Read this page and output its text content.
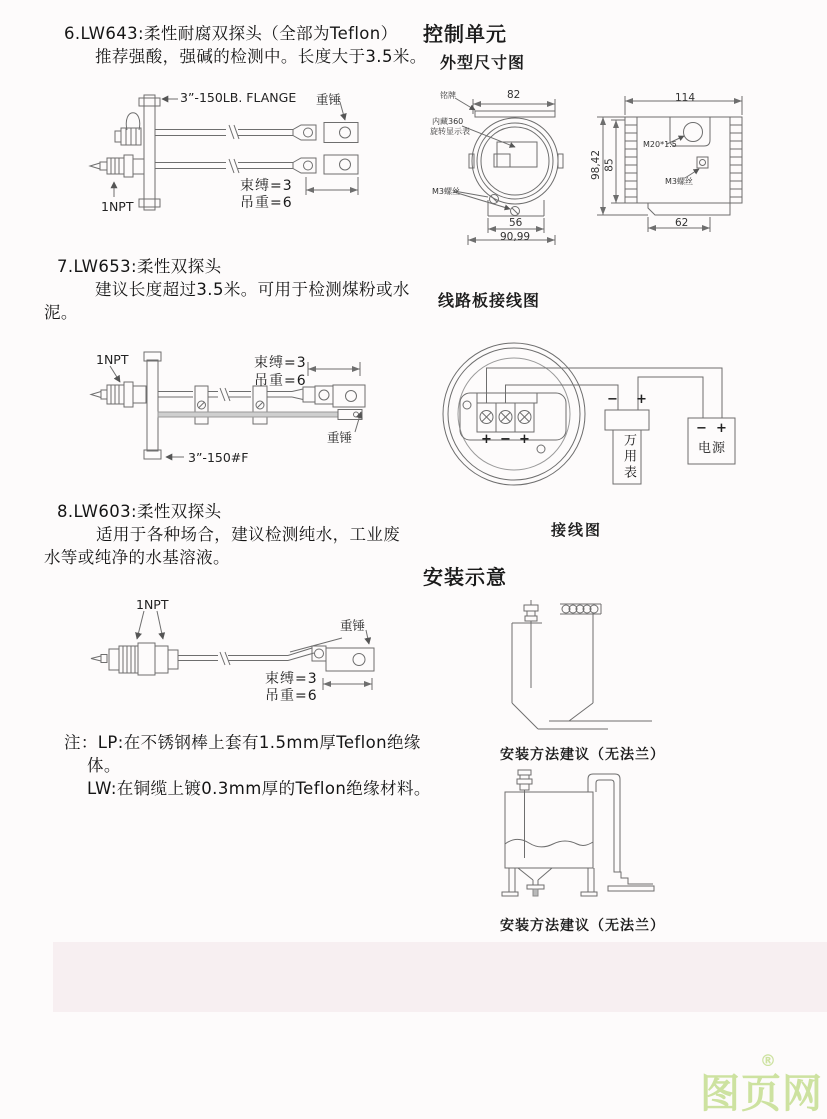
6.LW643:柔性耐腐双探头（全部为Teflon）
推荐强酸，强碱的检测中。长度大于3.5米。
3”-150LB. FLANGE 重锤
束缚=3
吊重=6
1NPT
7.LW653:柔性双探头
建议长度超过3.5米。可用于检测煤粉或水
泥。
1NPT	束缚=3
吊重=6
重锤
3”-150#F
8.LW603:柔性双探头
适用于各种场合，建议检测纯水，工业废
水等或纯净的水基溶液。
1NPT
重锤
束缚=3
吊重=6
注：LP:在不锈钢棒上套有1.5mm厚Teflon绝缘
体。
LW:在铜缆上镀0.3mm厚的Teflon绝缘材料。
控制单元
外型尺寸图
82
铭牌
内藏360
旋转显示表
M3螺丝
56
90,99
114
98,42 85
M20*1.5
M3螺丝
62
线路板接线图
+ − +
− +
万用表
− +
电源
接线图
安装示意
安装方法建议（无法兰）
安装方法建议（无法兰）
图页网
®
